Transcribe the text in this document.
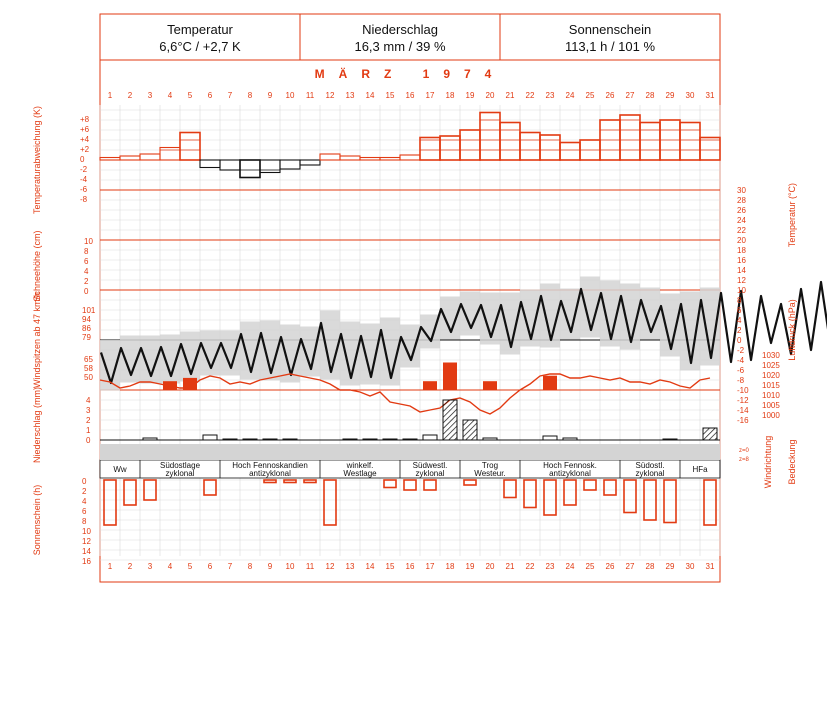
1
1
2
2
3
3
4
4
5
5
6
6
7
7
8
8
9
9
10
10
11
11
12
12
13
13
14
14
15
15
16
16
17
17
18
18
19
19
20
20
21
21
22
22
23
23
24
24
25
25
26
26
27
27
28
28
29
29
30
30
31
31
Ww	Südostlage
zyklonal
Hoch Fennoskandien
antizyklonal
winkelf.
Westlage
Südwestl.
zyklonal
Trog
Westeur.
Hoch Fennosk.
antizyklonal
Südostl.
zyklonal	HFa
+8
+6
+4
+2
0
-2
-4
-6
-8
10
8
6
4
2
0
101
94
86
79
65
58
50
4
3
2
1
0
0
2
4
6
8
10
12
14
16
30
28
26
24
22
20
18
16
14
12
10
8
6
4
2
0
-2
-4
-6
-8
-10
-12
-14
-16
1030
1025
1020
1015
1010
1005
1000
z=0
z=8
Temperaturabweichung (K)
Schneehöhe (cm)
Windspitzen ab 47 km/h
Niederschlag (mm)
Sonnenschein (h)
Temperatur (°C)
Luftdruck (hPa)
Windrichtung Bedeckung
Temperatur
6,6°C / +2,7 K
Niederschlag
16,3 mm / 39 %
Sonnenschein
113,1 h / 101 %
MÄRZ 1974
